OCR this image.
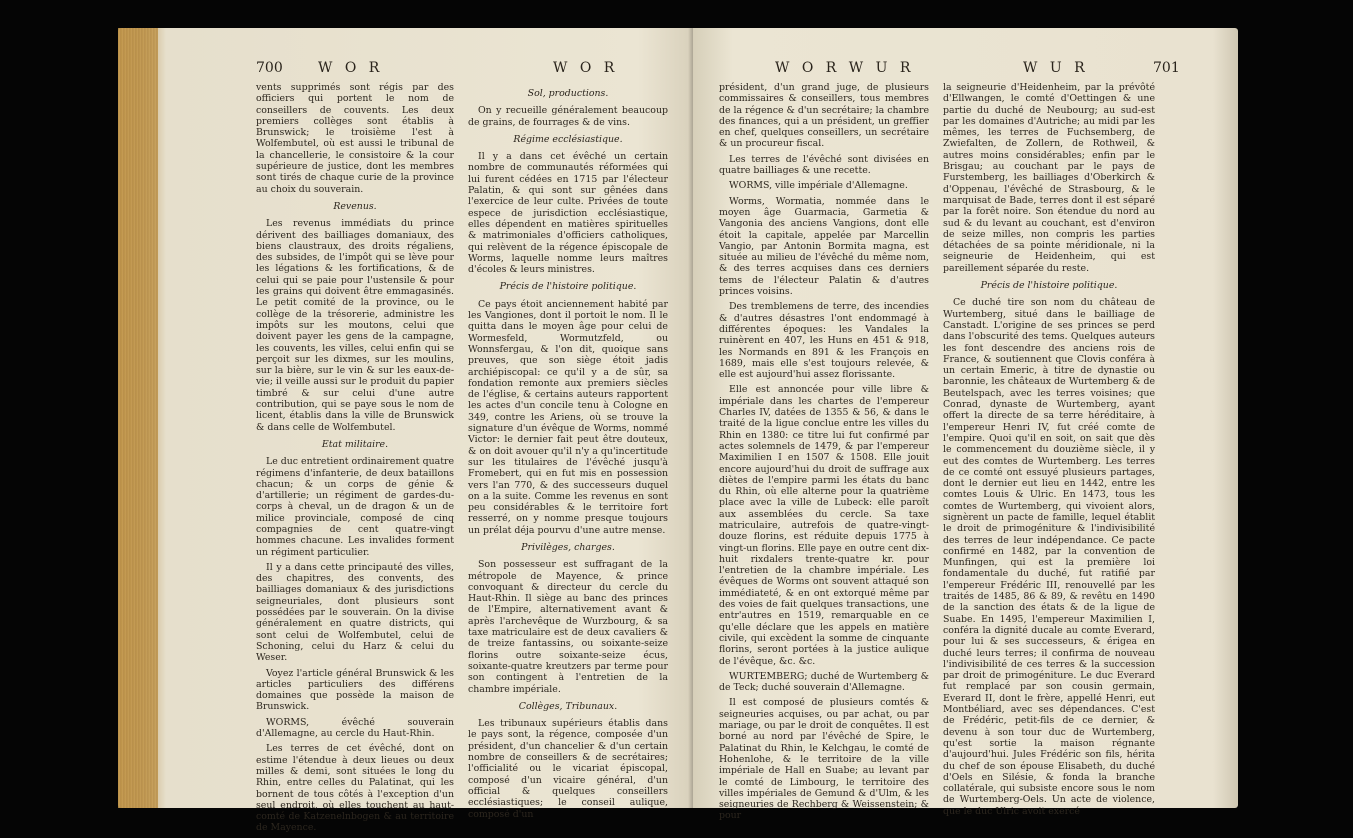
700	W O R	W O R

vents supprimés sont régis par des officiers qui portent le nom de conseillers de couvents. Les deux premiers collèges sont établis à Brunswick; le troisième l'est à Wolfembutel, où est aussi le tribunal de la chancellerie, le consistoire & la cour supérieure de justice, dont les membres sont tirés de chaque curie de la province au choix du souverain.

Revenus.

Les revenus immédiats du prince dérivent des bailliages domaniaux, des biens claustraux, des droits régaliens, des subsides, de l'impôt qui se lève pour les légations & les fortifications, & de celui qui se paie pour l'ustensile & pour les grains qui doivent être emmagasinés. Le petit comité de la province, ou le collège de la trésorerie, administre les impôts sur les moutons, celui que doivent payer les gens de la campagne, les couvents, les villes, celui enfin qui se perçoit sur les dixmes, sur les moulins, sur la bière, sur le vin & sur les eaux-de-vie; il veille aussi sur le produit du papier timbré & sur celui d'une autre contribution, qui se paye sous le nom de licent, établis dans la ville de Brunswick & dans celle de Wolfembutel.

Etat militaire.

Le duc entretient ordinairement quatre régimens d'infanterie, de deux bataillons chacun; & un corps de génie & d'artillerie; un régiment de gardes-du-corps à cheval, un de dragon & un de milice provinciale, composé de cinq compagnies de cent quatre-vingt hommes chacune. Les invalides forment un régiment particulier.

Il y a dans cette principauté des villes, des chapitres, des convents, des bailliages domaniaux & des jurisdictions seigneuriales, dont plusieurs sont possédées par le souverain. On la divise généralement en quatre districts, qui sont celui de Wolfembutel, celui de Schoning, celui du Harz & celui du Weser.

Voyez l'article général Brunswick & les articles particuliers des différens domaines que possède la maison de Brunswick.

WORMS, évêché souverain d'Allemagne, au cercle du Haut-Rhin.

Les terres de cet évêché, dont on estime l'étendue à deux lieues ou deux milles & demi, sont situées le long du Rhin, entre celles du Palatinat, qui les bornent de tous côtés à l'exception d'un seul endroit, où elles touchent au haut-comté de Katzenelnbogen & au territoire de Mayence.

Sol, productions.

On y recueille généralement beaucoup de grains, de fourrages & de vins.

Régime ecclésiastique.

Il y a dans cet évêché un certain nombre de communautés réformées qui lui furent cédées en 1715 par l'électeur Palatin, & qui sont sur gênées dans l'exercice de leur culte. Privées de toute espece de jurisdiction ecclésiastique, elles dépendent en matières spirituelles & matrimoniales d'officiers catholiques, qui relèvent de la régence épiscopale de Worms, laquelle nomme leurs maîtres d'écoles & leurs ministres.

Précis de l'histoire politique.

Ce pays étoit anciennement habité par les Vangiones, dont il portoit le nom. Il le quitta dans le moyen âge pour celui de Wormesfeld, Wormutzfeld, ou Wonnsfergau, & l'on dit, quoique sans preuves, que son siège étoit jadis archiépiscopal: ce qu'il y a de sûr, sa fondation remonte aux premiers siècles de l'église, & certains auteurs rapportent les actes d'un concile tenu à Cologne en 349, contre les Ariens, où se trouve la signature d'un évêque de Worms, nommé Victor: le dernier fait peut être douteux, & on doit avouer qu'il n'y a qu'incertitude sur les titulaires de l'évêché jusqu'à Fromebert, qui en fut mis en possession vers l'an 770, & des successeurs duquel on a la suite. Comme les revenus en sont peu considérables & le territoire fort resserré, on y nomme presque toujours un prélat déja pourvu d'une autre mense.

Privilèges, charges.

Son possesseur est suffragant de la métropole de Mayence, & prince convoquant & directeur du cercle du Haut-Rhin. Il siège au banc des princes de l'Empire, alternativement avant & après l'archevêque de Wurzbourg, & sa taxe matriculaire est de deux cavaliers & de treize fantassins, ou soixante-seize florins outre soixante-seize écus, soixante-quatre kreutzers par terme pour son contingent à l'entretien de la chambre impériale.

Collèges, Tribunaux.

Les tribunaux supérieurs établis dans le pays sont, la régence, composée d'un président, d'un chancelier & d'un certain nombre de conseillers & de secrétaires; l'officialité ou le vicariat épiscopal, composé d'un vicaire général, d'un official & quelques conseillers ecclésiastiques; le conseil aulique, composé d'un

W O R W U R	W U R	701

président, d'un grand juge, de plusieurs commissaires & conseillers, tous membres de la régence & d'un secrétaire; la chambre des finances, qui a un président, un greffier en chef, quelques conseillers, un secrétaire & un procureur fiscal.

Les terres de l'évêché sont divisées en quatre bailliages & une recette.

WORMS, ville impériale d'Allemagne.

Worms, Wormatia, nommée dans le moyen âge Guarmacia, Garmetia & Vangonia des anciens Vangions, dont elle étoit la capitale, appelée par Marcellin Vangio, par Antonin Bormita magna, est située au milieu de l'évêché du même nom, & des terres acquises dans ces derniers tems de l'électeur Palatin & d'autres princes voisins.

Des tremblemens de terre, des incendies & d'autres désastres l'ont endommagé à différentes époques: les Vandales la ruinèrent en 407, les Huns en 451 & 918, les Normands en 891 & les François en 1689, mais elle s'est toujours relevée, & elle est aujourd'hui assez florissante.

Elle est annoncée pour ville libre & impériale dans les chartes de l'empereur Charles IV, datées de 1355 & 56, & dans le traité de la ligue conclue entre les villes du Rhin en 1380: ce titre lui fut confirmé par actes solemnels de 1479, & par l'empereur Maximilien I en 1507 & 1508. Elle jouit encore aujourd'hui du droit de suffrage aux diètes de l'empire parmi les états du banc du Rhin, où elle alterne pour la quatrième place avec la ville de Lubeck: elle paroît aux assemblées du cercle. Sa taxe matriculaire, autrefois de quatre-vingt-douze florins, est réduite depuis 1775 à vingt-un florins. Elle paye en outre cent dix-huit rixdalers trente-quatre kr. pour l'entretien de la chambre impériale. Les évêques de Worms ont souvent attaqué son immédiateté, & en ont extorqué même par des voies de fait quelques transactions, une entr'autres en 1519, remarquable en ce qu'elle déclare que les appels en matière civile, qui excèdent la somme de cinquante florins, seront portées à la justice aulique de l'évêque, &c. &c.

WURTEMBERG; duché de Wurtemberg & de Teck; duché souverain d'Allemagne.

Il est composé de plusieurs comtés & seigneuries acquises, ou par achat, ou par mariage, ou par le droit de conquêtes. Il est borné au nord par l'évêché de Spire, le Palatinat du Rhin, le Kelchgau, le comté de Hohenlohe, & le territoire de la ville impériale de Hall en Suabe; au levant par le comté de Limbourg, le territoire des villes impériales de Gemund & d'Ulm, & les seigneuries de Rechberg & Weissenstein; & pour

la seigneurie d'Heidenheim, par la prévôté d'Ellwangen, le comté d'Oettingen & une partie du duché de Neubourg; au sud-est par les domaines d'Autriche; au midi par les mêmes, les terres de Fuchsemberg, de Zwiefalten, de Zollern, de Rothweil, & autres moins considérables; enfin par le Brisgau; au couchant par le pays de Furstemberg, les bailliages d'Oberkirch & d'Oppenau, l'évêché de Strasbourg, & le marquisat de Bade, terres dont il est séparé par la forêt noire. Son étendue du nord au sud & du levant au couchant, est d'environ de seize milles, non compris les parties détachées de sa pointe méridionale, ni la seigneurie de Heidenheim, qui est pareillement séparée du reste.

Précis de l'histoire politique.

Ce duché tire son nom du château de Wurtemberg, situé dans le bailliage de Canstadt. L'origine de ses princes se perd dans l'obscurité des tems. Quelques auteurs les font descendre des anciens rois de France, & soutiennent que Clovis conféra à un certain Emeric, à titre de dynastie ou baronnie, les châteaux de Wurtemberg & de Beutelspach, avec les terres voisines; que Conrad, dynaste de Wurtemberg, ayant offert la directe de sa terre héréditaire, à l'empereur Henri IV, fut créé comte de l'empire. Quoi qu'il en soit, on sait que dès le commencement du douzième siècle, il y eut des comtes de Wurtemberg. Les terres de ce comté ont essuyé plusieurs partages, dont le dernier eut lieu en 1442, entre les comtes Louis & Ulric. En 1473, tous les comtes de Wurtemberg, qui vivoient alors, signèrent un pacte de famille, lequel établit le droit de primogéniture & l'indivisibilité des terres de leur indépendance. Ce pacte confirmé en 1482, par la convention de Munfingen, qui est la première loi fondamentale du duché, fut ratifié par l'empereur Frédéric III, renouvellé par les traités de 1485, 86 & 89, & revêtu en 1490 de la sanction des états & de la ligue de Suabe. En 1495, l'empereur Maximilien I, conféra la dignité ducale au comte Everard, pour lui & ses successeurs, & érigea en duché leurs terres; il confirma de nouveau l'indivisibilité de ces terres & la succession par droit de primogéniture. Le duc Everard fut remplacé par son cousin germain, Everard II, dont le frère, appellé Henri, eut Montbéliard, avec ses dépendances. C'est de Frédéric, petit-fils de ce dernier, & devenu à son tour duc de Wurtemberg, qu'est sortie la maison régnante d'aujourd'hui. Jules Frédéric son fils, hérita du chef de son épouse Elisabeth, du duché d'Oels en Silésie, & fonda la branche collatérale, qui subsiste encore sous le nom de Wurtemberg-Oels. Un acte de violence, que le duc Ulric avoit exercé
